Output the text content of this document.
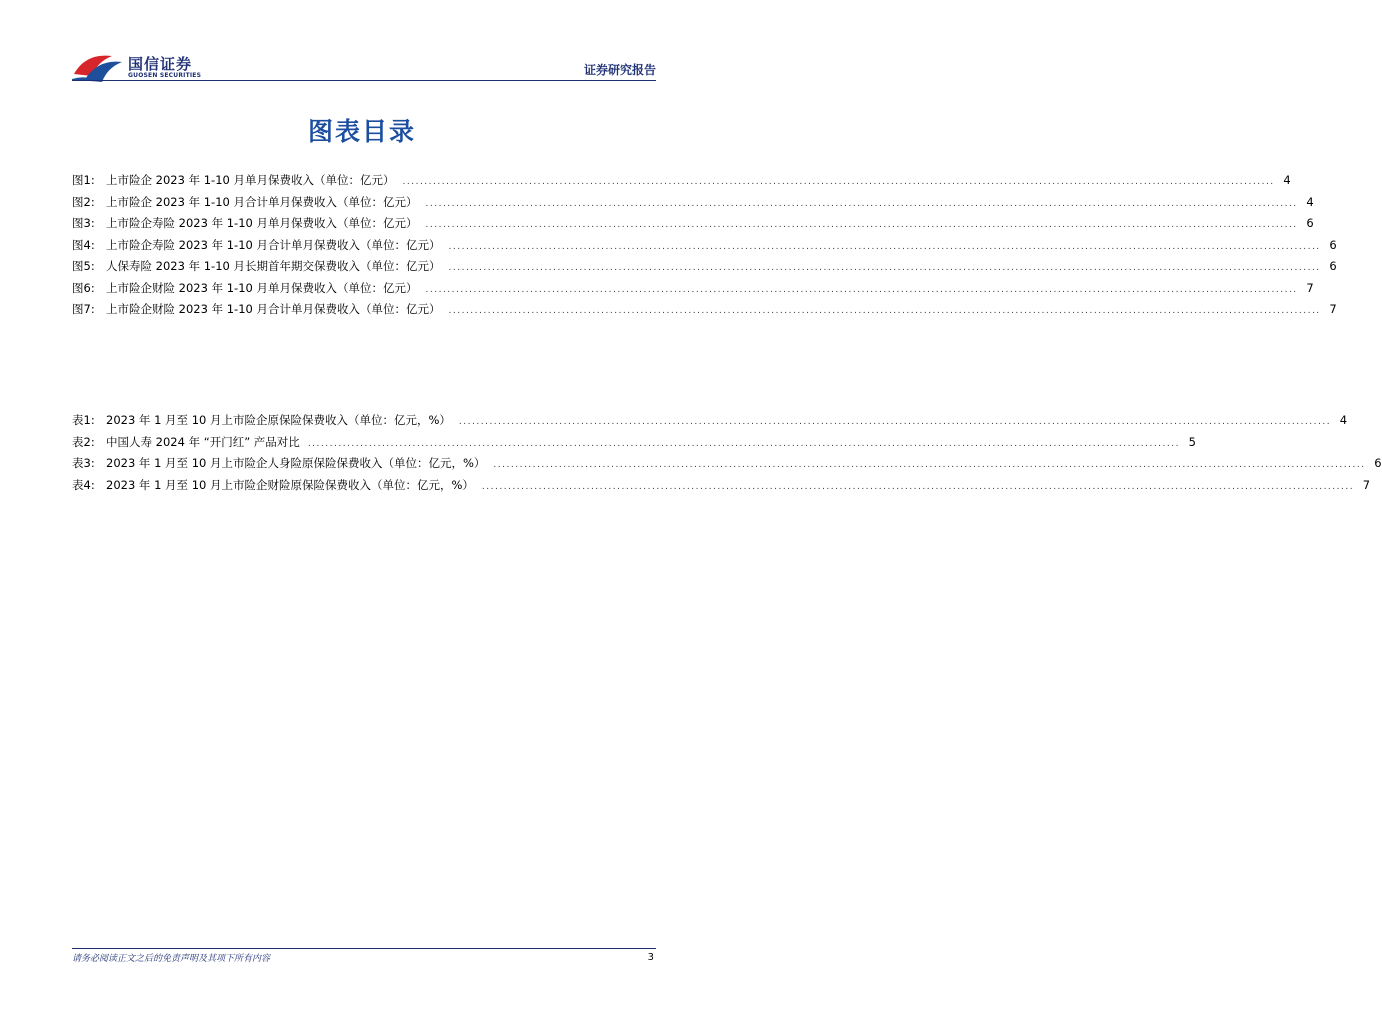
国信证券
GUOSEN SECURITIES	证券研究报告
图表目录
图1: 上市险企 2023 年 1-10 月单月保费收入（单位：亿元） ........................................................................................................................................................................................................ 4
图2: 上市险企 2023 年 1-10 月合计单月保费收入（单位：亿元） ........................................................................................................................................................................................................ 4
图3: 上市险企寿险 2023 年 1-10 月单月保费收入（单位：亿元） ........................................................................................................................................................................................................ 6
图4: 上市险企寿险 2023 年 1-10 月合计单月保费收入（单位：亿元） ........................................................................................................................................................................................................ 6
图5: 人保寿险 2023 年 1-10 月长期首年期交保费收入（单位：亿元） ........................................................................................................................................................................................................ 6
图6: 上市险企财险 2023 年 1-10 月单月保费收入（单位：亿元） ........................................................................................................................................................................................................ 7
图7: 上市险企财险 2023 年 1-10 月合计单月保费收入（单位：亿元） ........................................................................................................................................................................................................ 7
表1: 2023 年 1 月至 10 月上市险企原保险保费收入（单位：亿元，%） ........................................................................................................................................................................................................ 4
表2: 中国人寿 2024 年 “开门红” 产品对比 ........................................................................................................................................................................................................ 5
表3: 2023 年 1 月至 10 月上市险企人身险原保险保费收入（单位：亿元，%） ........................................................................................................................................................................................................ 6
表4: 2023 年 1 月至 10 月上市险企财险原保险保费收入（单位：亿元，%） ........................................................................................................................................................................................................ 7
请务必阅读正文之后的免责声明及其项下所有内容	3
